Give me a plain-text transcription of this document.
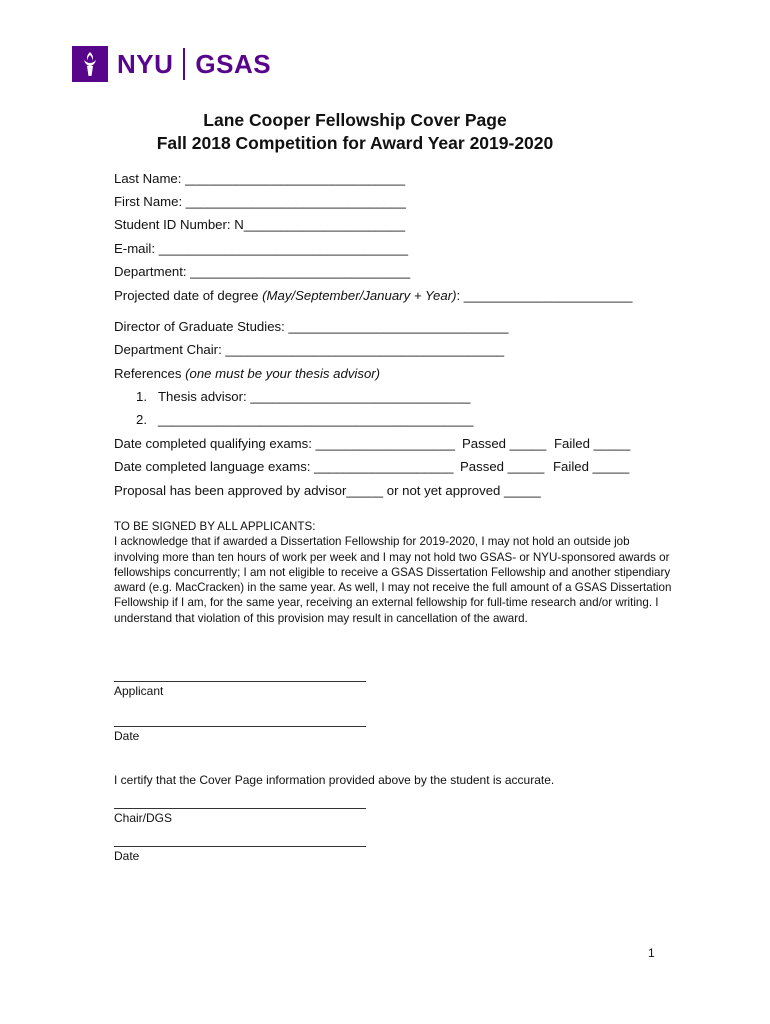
NYU GSAS
Lane Cooper Fellowship Cover Page
Fall 2018 Competition for Award Year 2019-2020
Last Name: ______________________________
First Name: ______________________________
Student ID Number: N______________________
E-mail: __________________________________
Department: ______________________________
Projected date of degree (May/September/January + Year): _______________________
Director of Graduate Studies: ______________________________
Department Chair: ______________________________________
References (one must be your thesis advisor)
1. Thesis advisor: ______________________________
2. ___________________________________________
Date completed qualifying exams: ___________________ Passed _____ Failed _____
Date completed language exams: ___________________ Passed _____ Failed _____
Proposal has been approved by advisor_____ or not yet approved _____

TO BE SIGNED BY ALL APPLICANTS:

I acknowledge that if awarded a Dissertation Fellowship for 2019-2020, I may not hold an outside job involving more than ten hours of work per week and I may not hold two GSAS- or NYU-sponsored awards or fellowships concurrently; I am not eligible to receive a GSAS Dissertation Fellowship and another stipendiary award (e.g. MacCracken) in the same year. As well, I may not receive the full amount of a GSAS Dissertation Fellowship if I am, for the same year, receiving an external fellowship for full-time research and/or writing. I understand that violation of this provision may result in cancellation of the award.

Applicant
Date
I certify that the Cover Page information provided above by the student is accurate.
Chair/DGS
Date
1
